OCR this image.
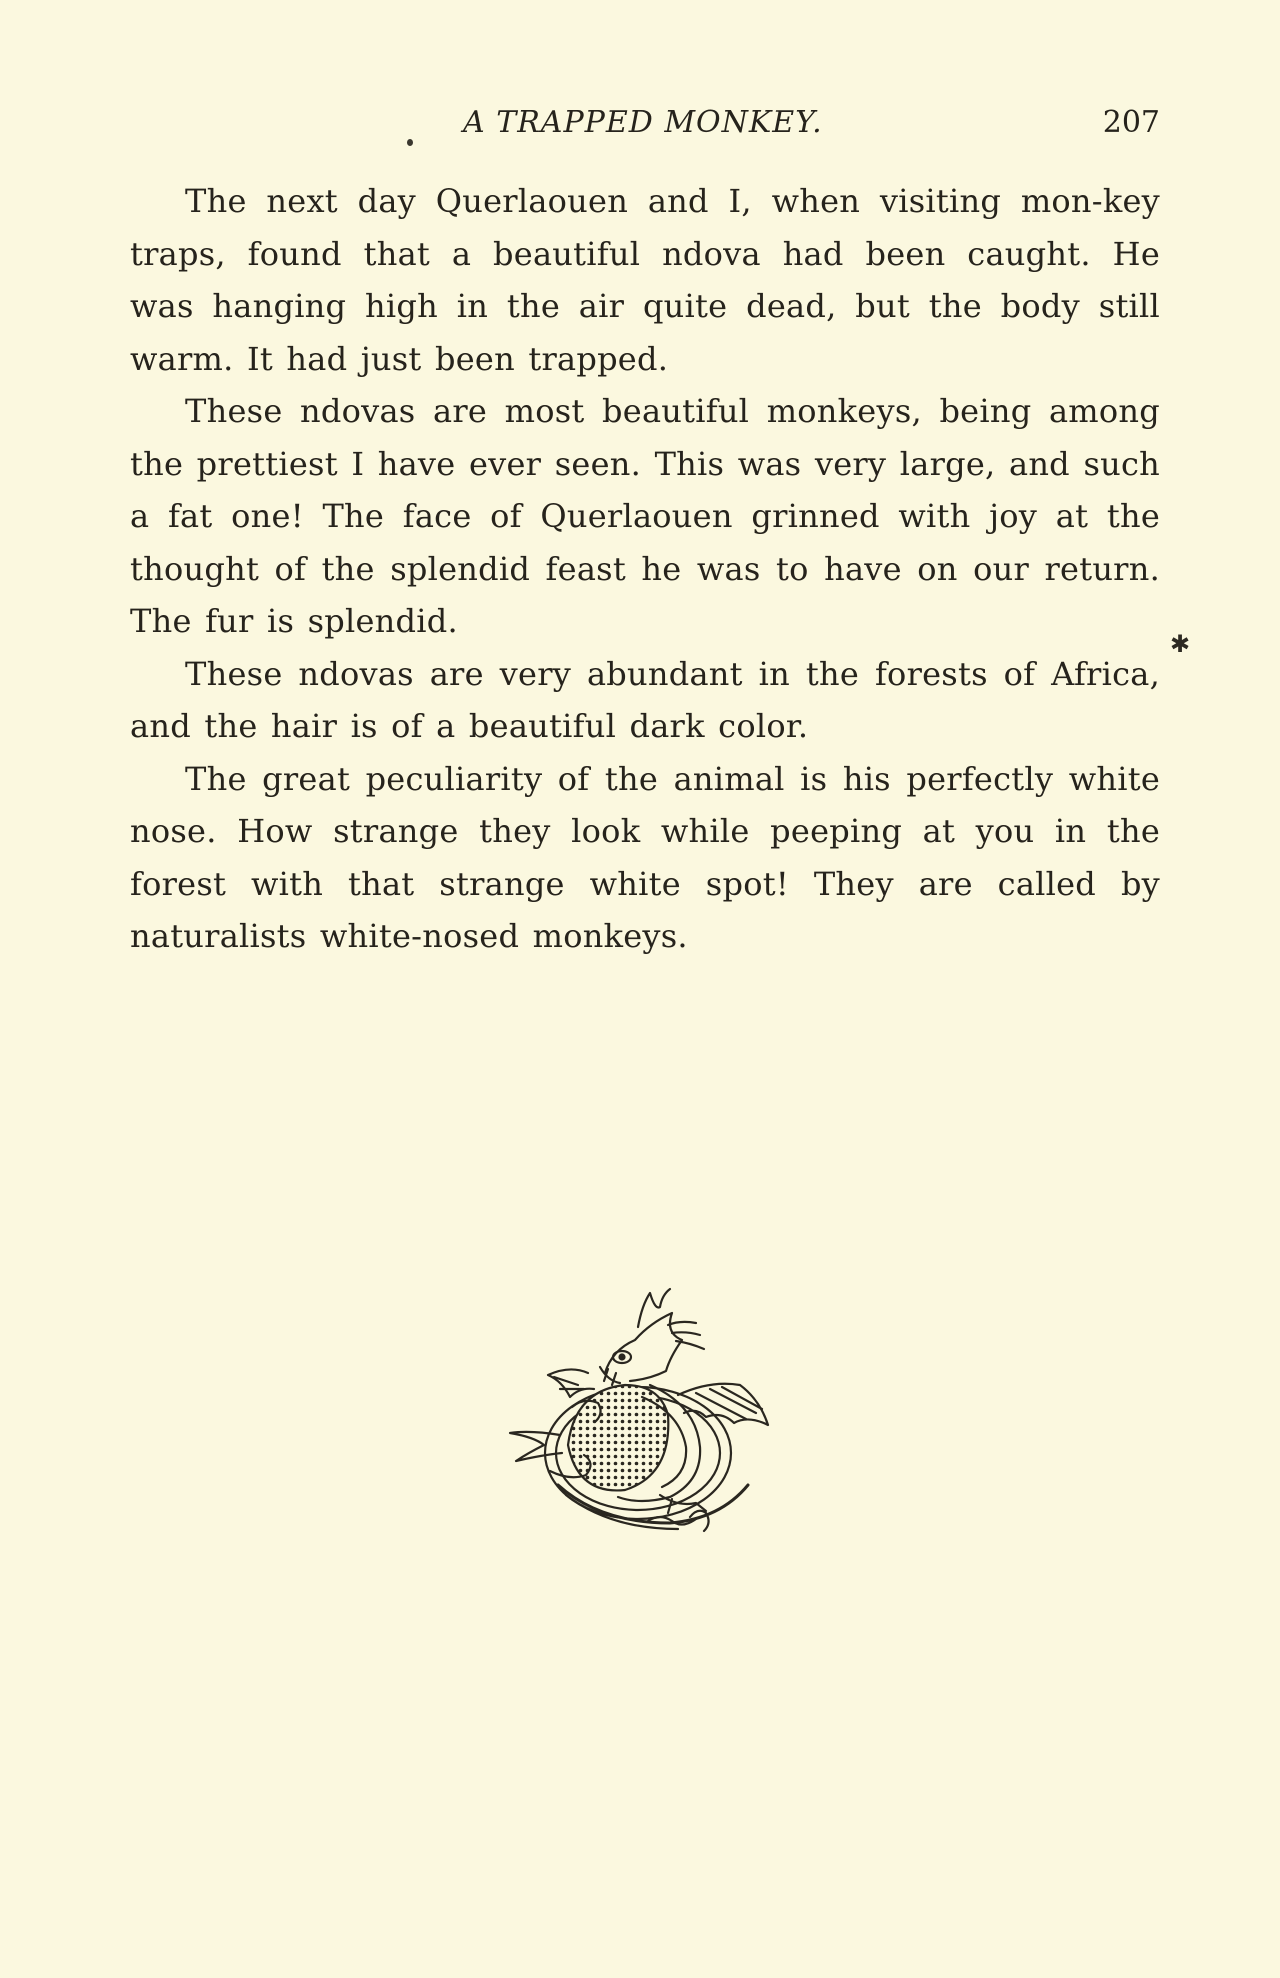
A TRAPPED MONKEY.	207
✱

The next day Querlaouen and I, when visiting mon-key traps, found that a beautiful ndova had been caught. He was hanging high in the air quite dead, but the body still warm. It had just been trapped.

These ndovas are most beautiful monkeys, being among the prettiest I have ever seen. This was very large, and such a fat one! The face of Querlaouen grinned with joy at the thought of the splendid feast he was to have on our return. The fur is splendid.

These ndovas are very abundant in the forests of Africa, and the hair is of a beautiful dark color.

The great peculiarity of the animal is his perfectly white nose. How strange they look while peeping at you in the forest with that strange white spot! They are called by naturalists white-nosed monkeys.
